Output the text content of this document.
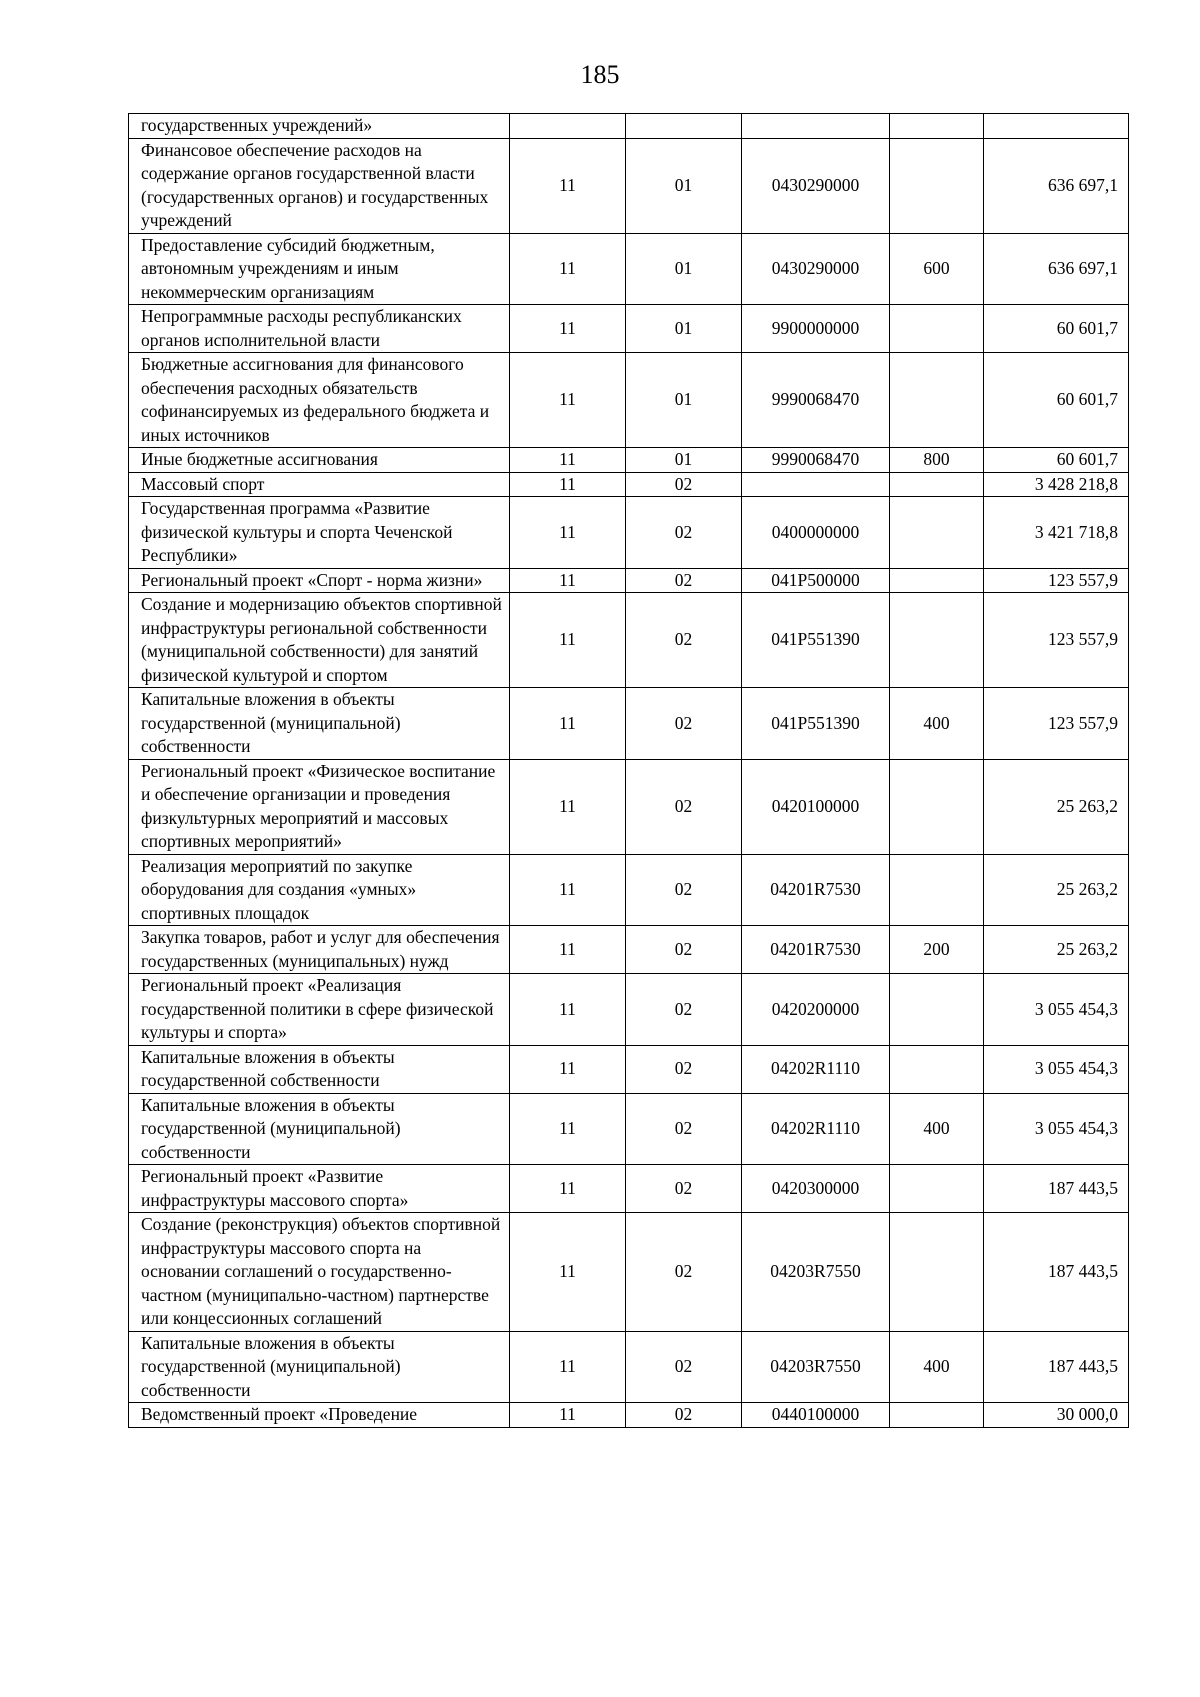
185
государственных учреждений»					
Финансовое обеспечение расходов на содержание органов государственной власти (государственных органов) и государственных учреждений	11	01	0430290000		636 697,1
Предоставление субсидий бюджетным, автономным учреждениям и иным некоммерческим организациям	11	01	0430290000	600	636 697,1
Непрограммные расходы республиканских органов исполнительной власти	11	01	9900000000		60 601,7
Бюджетные ассигнования для финансового обеспечения расходных обязательств софинансируемых из федерального бюджета и иных источников	11	01	9990068470		60 601,7
Иные бюджетные ассигнования	11	01	9990068470	800	60 601,7
Массовый спорт	11	02			3 428 218,8
Государственная программа «Развитие физической культуры и спорта Чеченской Республики»	11	02	0400000000		3 421 718,8
Региональный проект «Спорт - норма жизни»	11	02	041P500000		123 557,9
Создание и модернизацию объектов спортивной инфраструктуры региональной собственности (муниципальной собственности) для занятий физической культурой и спортом	11	02	041P551390		123 557,9
Капитальные вложения в объекты государственной (муниципальной) собственности	11	02	041P551390	400	123 557,9
Региональный проект «Физическое воспитание и обеспечение организации и проведения физкультурных мероприятий и массовых спортивных мероприятий»	11	02	0420100000		25 263,2
Реализация мероприятий по закупке оборудования для создания «умных» спортивных площадок	11	02	04201R7530		25 263,2
Закупка товаров, работ и услуг для обеспечения государственных (муниципальных) нужд	11	02	04201R7530	200	25 263,2
Региональный проект «Реализация государственной политики в сфере физической культуры и спорта»	11	02	0420200000		3 055 454,3
Капитальные вложения в объекты государственной собственности	11	02	04202R1110		3 055 454,3
Капитальные вложения в объекты государственной (муниципальной) собственности	11	02	04202R1110	400	3 055 454,3
Региональный проект «Развитие инфраструктуры массового спорта»	11	02	0420300000		187 443,5
Создание (реконструкция) объектов спортивной инфраструктуры массового спорта на основании соглашений о государственно-частном (муниципально-частном) партнерстве или концессионных соглашений	11	02	04203R7550		187 443,5
Капитальные вложения в объекты государственной (муниципальной) собственности	11	02	04203R7550	400	187 443,5
Ведомственный проект «Проведение	11	02	0440100000		30 000,0
